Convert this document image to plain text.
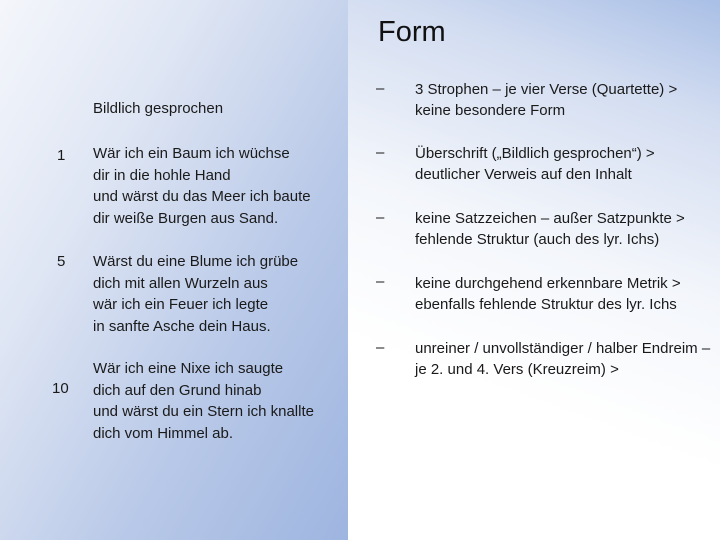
Form
Bildlich gesprochen
1
5
10
Wär ich ein Baum ich wüchse
dir in die hohle Hand
und wärst du das Meer ich baute
dir weiße Burgen aus Sand.
Wärst du eine Blume ich grübe
dich mit allen Wurzeln aus
wär ich ein Feuer ich legte
in sanfte Asche dein Haus.
Wär ich eine Nixe ich saugte
dich auf den Grund hinab
und wärst du ein Stern ich knallte
dich vom Himmel ab.
– 3 Strophen – je vier Verse (Quartette) > keine besondere Form
– Überschrift („Bildlich gesprochen“) > deutlicher Verweis auf den Inhalt
– keine Satzzeichen – außer Satzpunkte > fehlende Struktur (auch des lyr. Ichs)
– keine durchgehend erkennbare Metrik > ebenfalls fehlende Struktur des lyr. Ichs
– unreiner / unvollständiger / halber Endreim – je 2. und 4. Vers (Kreuzreim) >
